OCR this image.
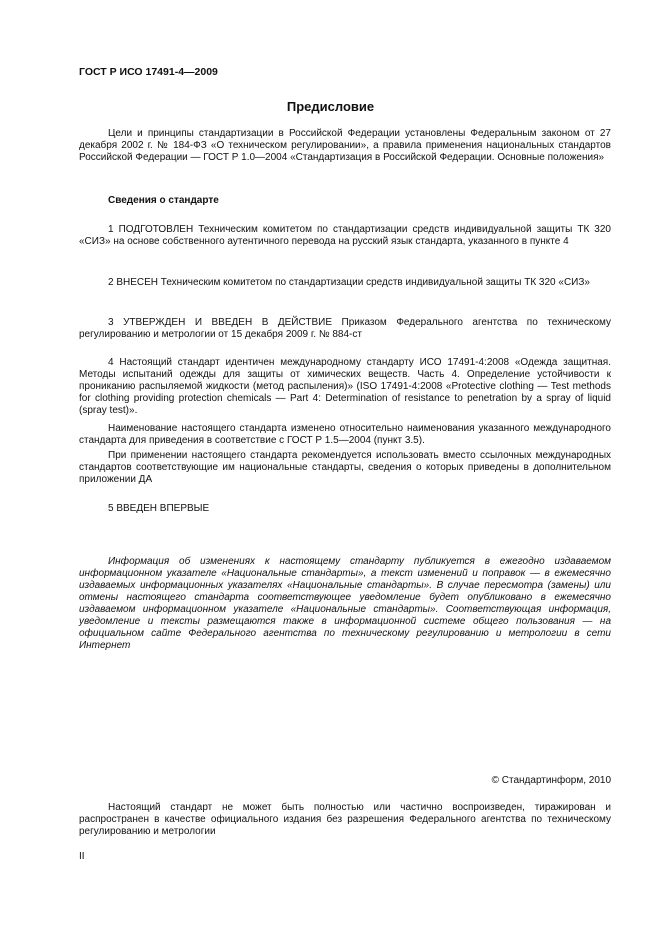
ГОСТ Р ИСО 17491-4—2009

Предисловие

Цели и принципы стандартизации в Российской Федерации установлены Федеральным законом от 27 декабря 2002 г. № 184-ФЗ «О техническом регулировании», а правила применения национальных стандартов Российской Федерации — ГОСТ Р 1.0—2004 «Стандартизация в Российской Федерации. Основные положения»

Сведения о стандарте

1 ПОДГОТОВЛЕН Техническим комитетом по стандартизации средств индивидуальной защиты ТК 320 «СИЗ» на основе собственного аутентичного перевода на русский язык стандарта, указанного в пункте 4

2 ВНЕСЕН Техническим комитетом по стандартизации средств индивидуальной защиты ТК 320 «СИЗ»

3 УТВЕРЖДЕН И ВВЕДЕН В ДЕЙСТВИЕ Приказом Федерального агентства по техническому регулированию и метрологии от 15 декабря 2009 г. № 884-ст

4 Настоящий стандарт идентичен международному стандарту ИСО 17491-4:2008 «Одежда защитная. Методы испытаний одежды для защиты от химических веществ. Часть 4. Определение устойчивости к прониканию распыляемой жидкости (метод распыления)» (ISO 17491-4:2008 «Protective clothing — Test methods for clothing providing protection chemicals — Part 4: Determination of resistance to penetration by a spray of liquid (spray test)».

Наименование настоящего стандарта изменено относительно наименования указанного международного стандарта для приведения в соответствие с ГОСТ Р 1.5—2004 (пункт 3.5).

При применении настоящего стандарта рекомендуется использовать вместо ссылочных международных стандартов соответствующие им национальные стандарты, сведения о которых приведены в дополнительном приложении ДА

5 ВВЕДЕН ВПЕРВЫЕ

Информация об изменениях к настоящему стандарту публикуется в ежегодно издаваемом информационном указателе «Национальные стандарты», а текст изменений и поправок — в ежемесячно издаваемых информационных указателях «Национальные стандарты». В случае пересмотра (замены) или отмены настоящего стандарта соответствующее уведомление будет опубликовано в ежемесячно издаваемом информационном указателе «Национальные стандарты». Соответствующая информация, уведомление и тексты размещаются также в информационной системе общего пользования — на официальном сайте Федерального агентства по техническому регулированию и метрологии в сети Интернет

© Стандартинформ, 2010

Настоящий стандарт не может быть полностью или частично воспроизведен, тиражирован и распространен в качестве официального издания без разрешения Федерального агентства по техническому регулированию и метрологии

II
